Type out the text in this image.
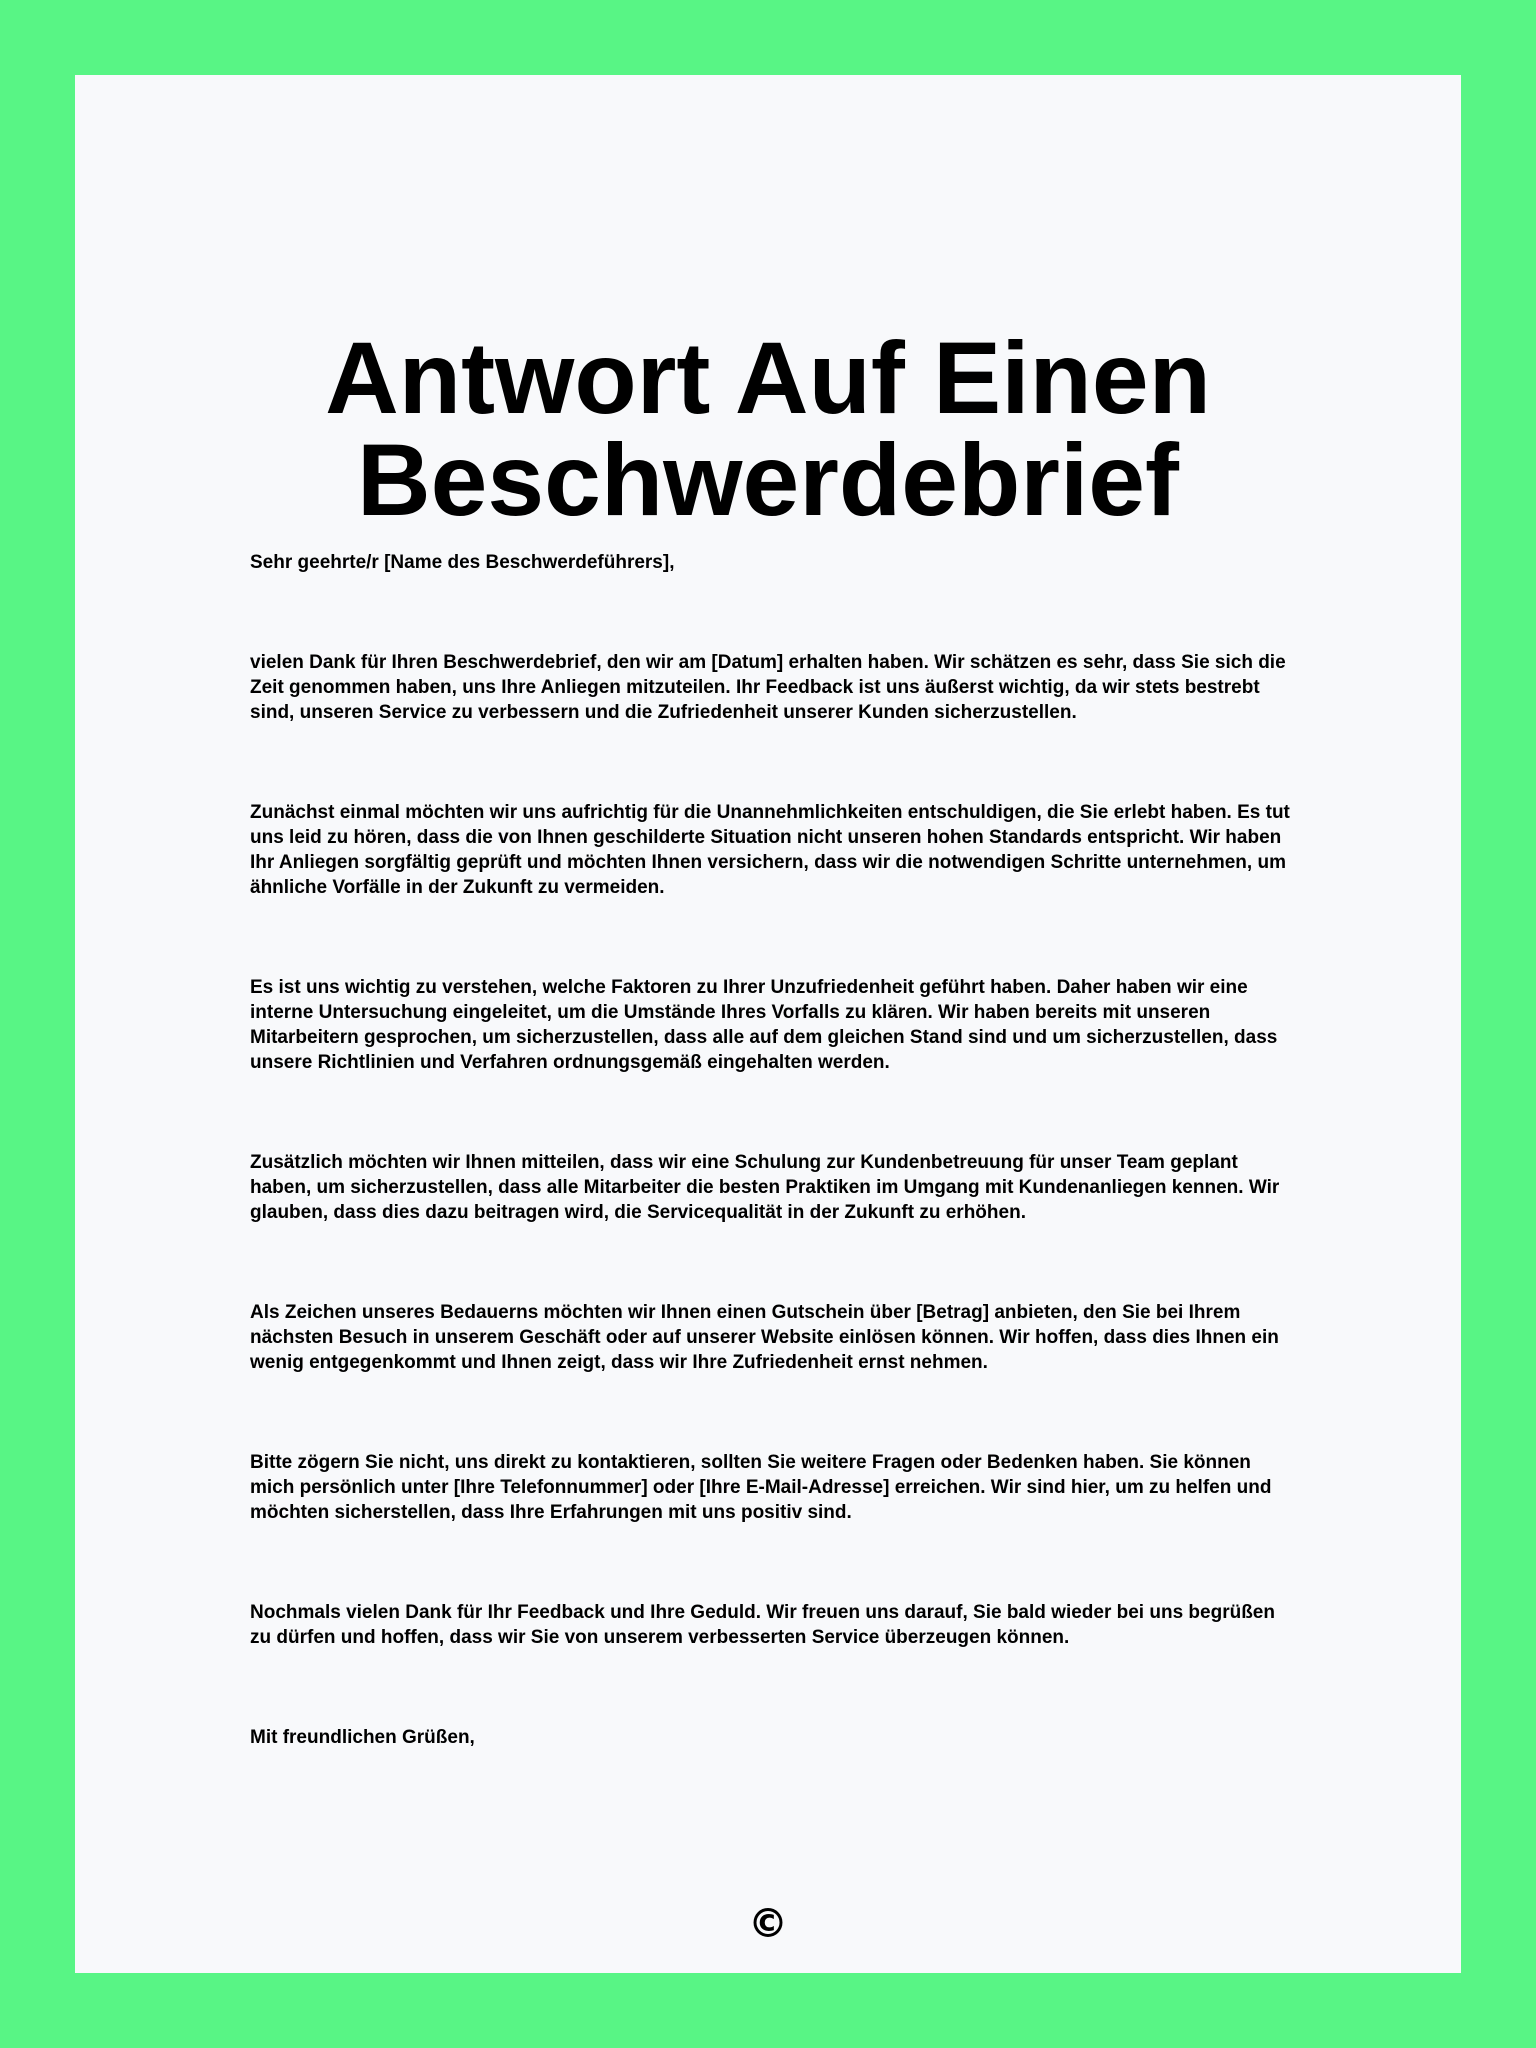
Antwort Auf Einen
Beschwerdebrief

Sehr geehrte/r [Name des Beschwerdeführers],

vielen Dank für Ihren Beschwerdebrief, den wir am [Datum] erhalten haben. Wir schätzen es sehr, dass Sie sich die Zeit genommen haben, uns Ihre Anliegen mitzuteilen. Ihr Feedback ist uns äußerst wichtig, da wir stets bestrebt sind, unseren Service zu verbessern und die Zufriedenheit unserer Kunden sicherzustellen.

Zunächst einmal möchten wir uns aufrichtig für die Unannehmlichkeiten entschuldigen, die Sie erlebt haben. Es tut uns leid zu hören, dass die von Ihnen geschilderte Situation nicht unseren hohen Standards entspricht. Wir haben Ihr Anliegen sorgfältig geprüft und möchten Ihnen versichern, dass wir die notwendigen Schritte unternehmen, um ähnliche Vorfälle in der Zukunft zu vermeiden.

Es ist uns wichtig zu verstehen, welche Faktoren zu Ihrer Unzufriedenheit geführt haben. Daher haben wir eine interne Untersuchung eingeleitet, um die Umstände Ihres Vorfalls zu klären. Wir haben bereits mit unseren Mitarbeitern gesprochen, um sicherzustellen, dass alle auf dem gleichen Stand sind und um sicherzustellen, dass unsere Richtlinien und Verfahren ordnungsgemäß eingehalten werden.

Zusätzlich möchten wir Ihnen mitteilen, dass wir eine Schulung zur Kundenbetreuung für unser Team geplant haben, um sicherzustellen, dass alle Mitarbeiter die besten Praktiken im Umgang mit Kundenanliegen kennen. Wir glauben, dass dies dazu beitragen wird, die Servicequalität in der Zukunft zu erhöhen.

Als Zeichen unseres Bedauerns möchten wir Ihnen einen Gutschein über [Betrag] anbieten, den Sie bei Ihrem nächsten Besuch in unserem Geschäft oder auf unserer Website einlösen können. Wir hoffen, dass dies Ihnen ein wenig entgegenkommt und Ihnen zeigt, dass wir Ihre Zufriedenheit ernst nehmen.

Bitte zögern Sie nicht, uns direkt zu kontaktieren, sollten Sie weitere Fragen oder Bedenken haben. Sie können mich persönlich unter [Ihre Telefonnummer] oder [Ihre E-Mail-Adresse] erreichen. Wir sind hier, um zu helfen und möchten sicherstellen, dass Ihre Erfahrungen mit uns positiv sind.

Nochmals vielen Dank für Ihr Feedback und Ihre Geduld. Wir freuen uns darauf, Sie bald wieder bei uns begrüßen zu dürfen und hoffen, dass wir Sie von unserem verbesserten Service überzeugen können.

Mit freundlichen Grüßen,

©
